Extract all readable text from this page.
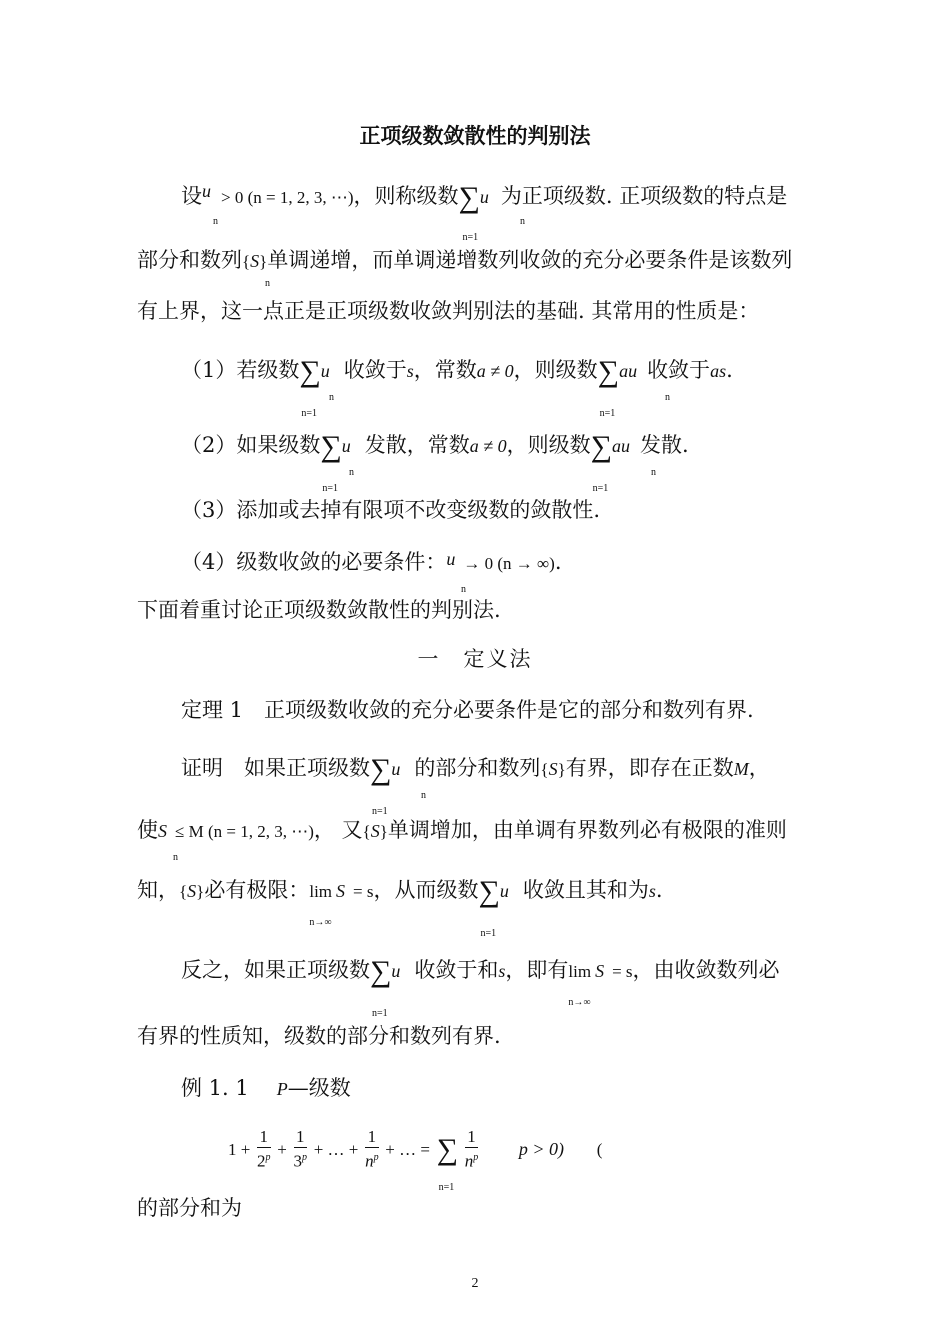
正项级数敛散性的判别法
设u
n
> 0 (n = 1, 2, 3, ⋯)，则称级数∑
n=1
u
n
为正项级数. 正项级数的特点是
部分和数列{S
n
}单调递增，而单调递增数列收敛的充分必要条件是该数列
有上界，这一点正是正项级数收敛判别法的基础. 其常用的性质是：
（1）若级数∑
n=1
u
n
收敛于s，常数a ≠ 0，则级数∑
n=1
au
n
收敛于as.
（2）如果级数∑
n=1
u
n
发散，常数a ≠ 0，则级数∑
n=1
au
n
发散.
（3）添加或去掉有限项不改变级数的敛散性.
（4）级数收敛的必要条件：u
n
→ 0 (n → ∞).
下面着重讨论正项级数敛散性的判别法.
一　定义法
定理 1　正项级数收敛的充分必要条件是它的部分和数列有界.
证明　如果正项级数∑
n=1
u
n
的部分和数列{S}有界，即存在正数M，
使S
n
≤ M (n = 1, 2, 3, ⋯)， 又{S}单调增加，由单调有界数列必有极限的准则
知，{S}必有极限：lim
n→∞
S = s，从而级数∑
n=1
u 收敛且其和为s.
反之，如果正项级数∑
n=1
u 收敛于和s，即有lim
n→∞
S = s，由收敛数列必
有界的性质知，级数的部分和数列有界.
例 1. 1 P—级数
$1 + \frac{1}{2^p} + \frac{1}{3^p}$ + … + $\frac{1}{n^p}$ + … = ∑
n=1

$\frac{1}{n^p}$ p > 0) (
的部分和为
2
